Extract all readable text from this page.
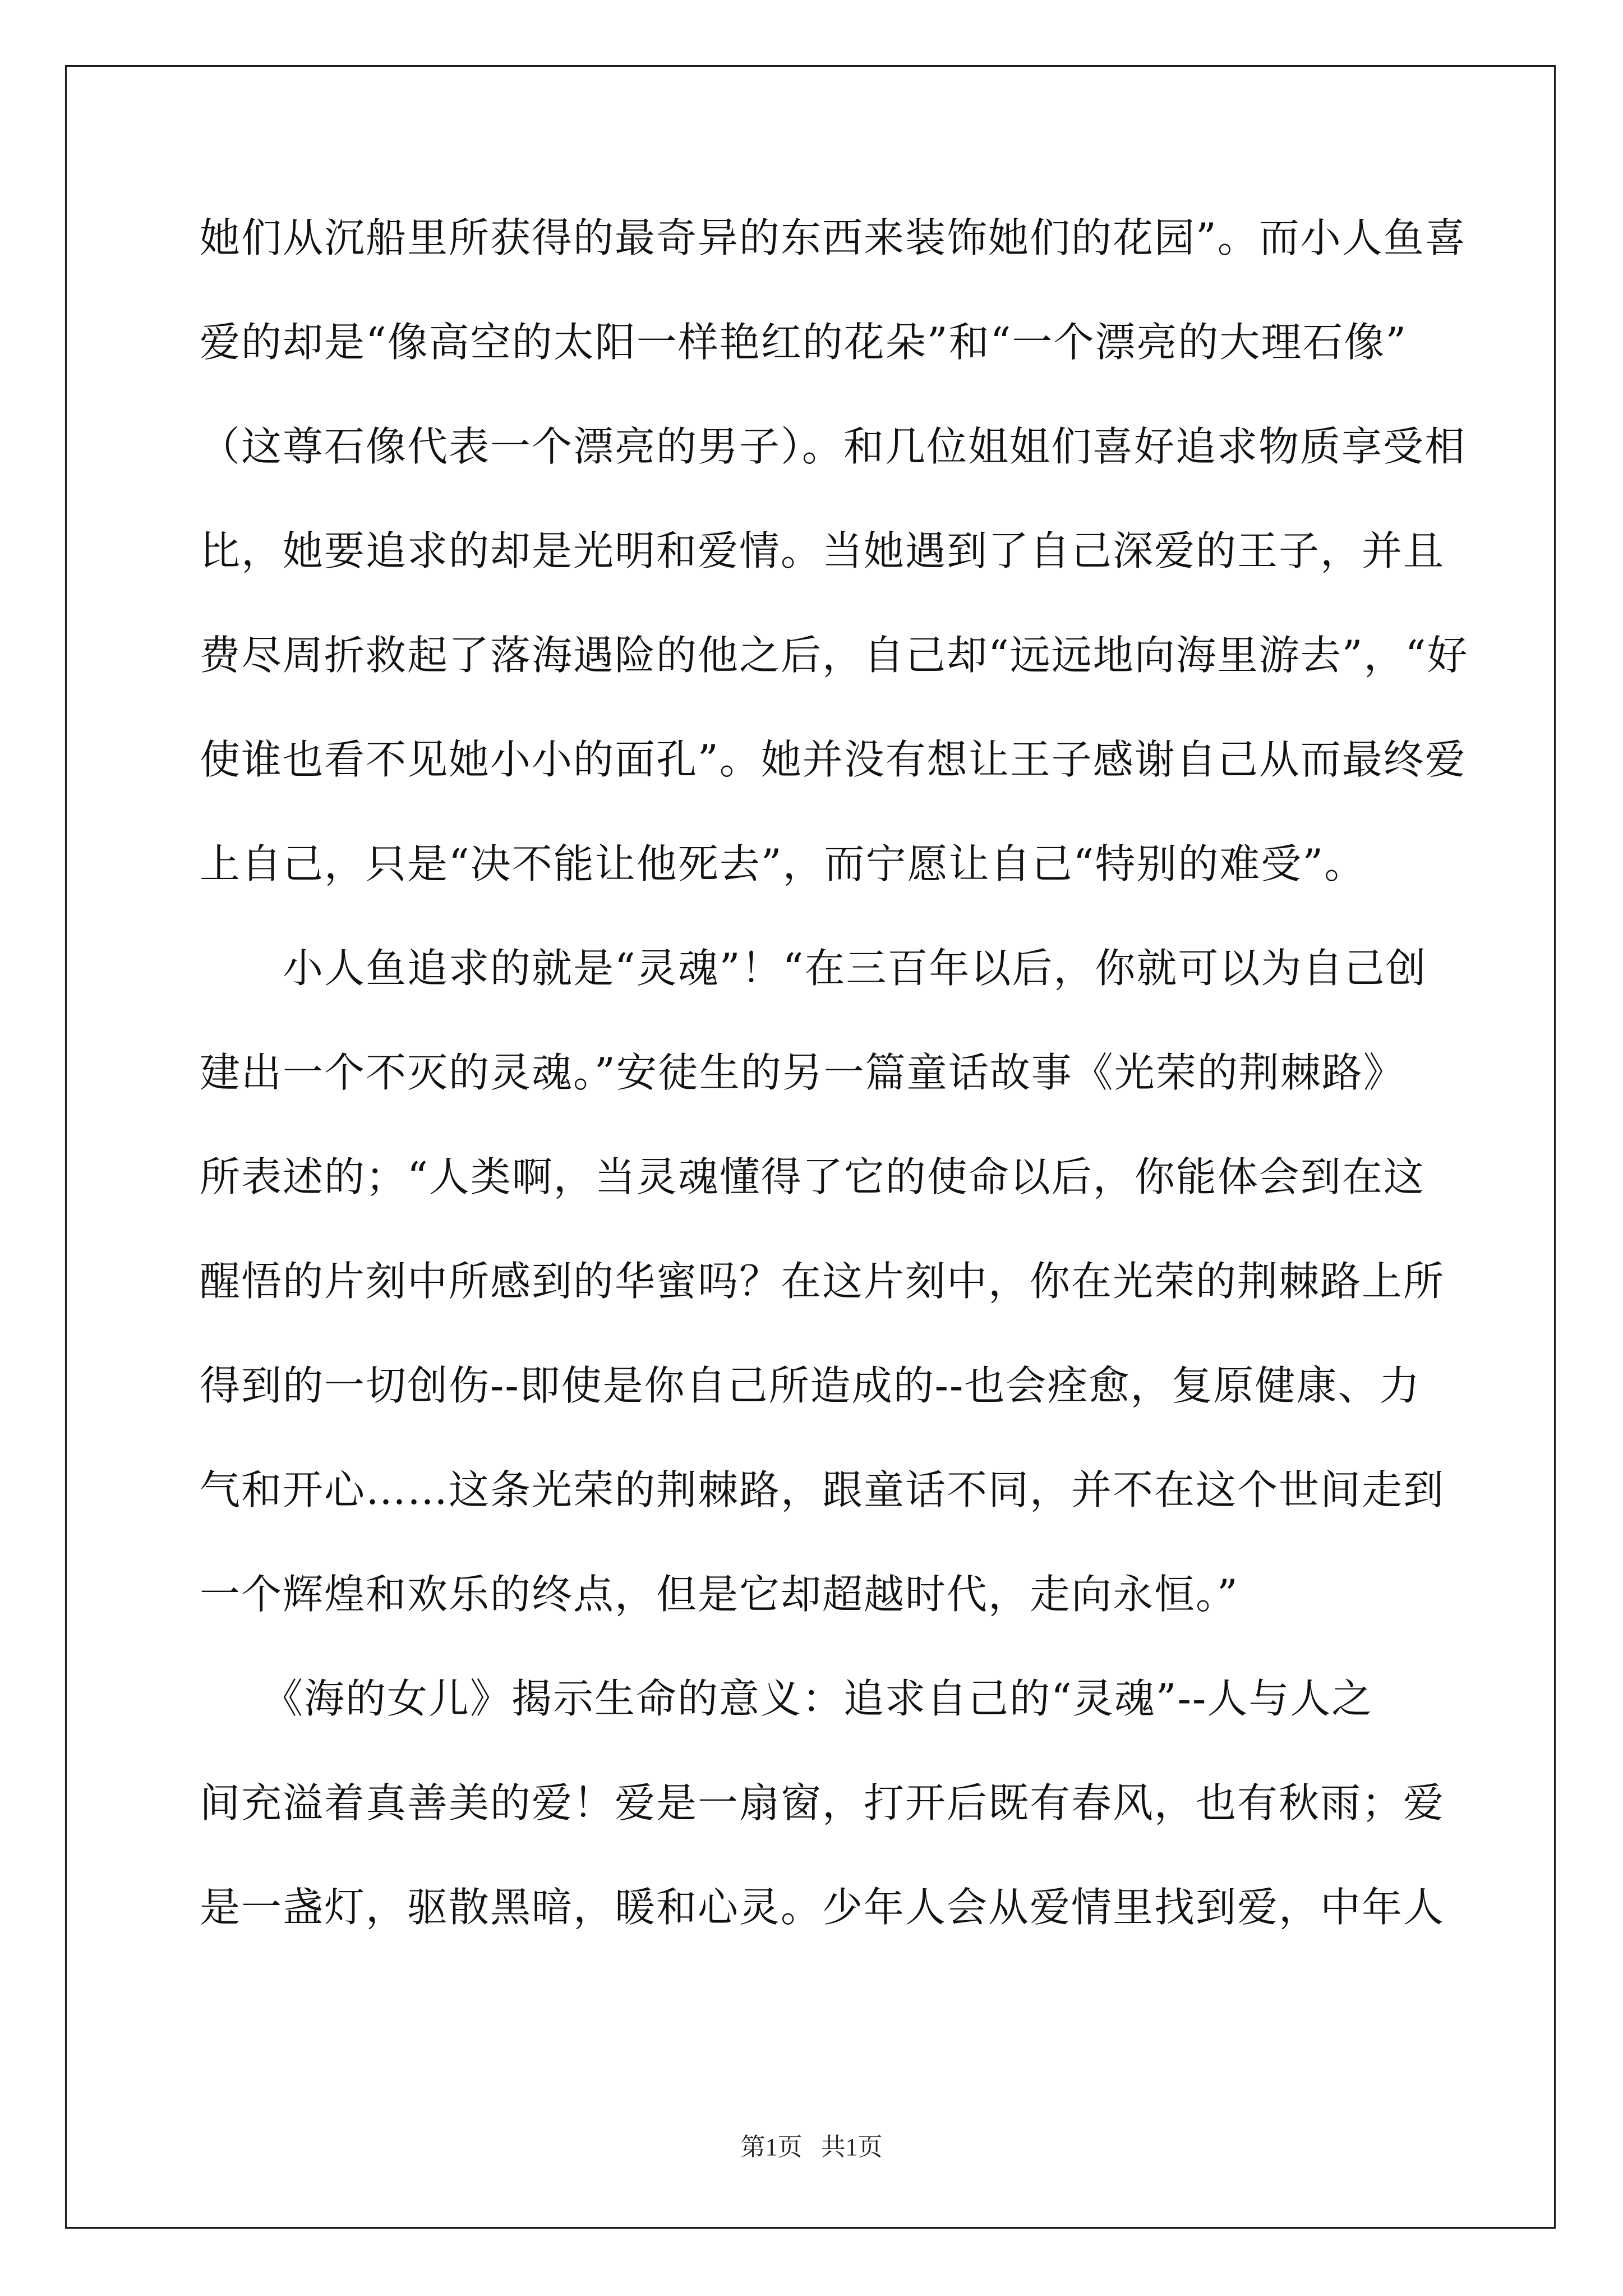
她们从沉船里所获得的最奇异的东西来装饰她们的花园”。而小人鱼喜
爱的却是“像高空的太阳一样艳红的花朵”和“一个漂亮的大理石像”
（这尊石像代表一个漂亮的男子）。和几位姐姐们喜好追求物质享受相
比，她要追求的却是光明和爱情。当她遇到了自己深爱的王子，并且
费尽周折救起了落海遇险的他之后，自己却“远远地向海里游去”，“好
使谁也看不见她小小的面孔”。她并没有想让王子感谢自己从而最终爱
上自己，只是“决不能让他死去”，而宁愿让自己“特别的难受”。
　　小人鱼追求的就是“灵魂”！“在三百年以后，你就可以为自己创
建出一个不灭的灵魂。”安徒生的另一篇童话故事《光荣的荆棘路》
所表述的；“人类啊，当灵魂懂得了它的使命以后，你能体会到在这
醒悟的片刻中所感到的华蜜吗？在这片刻中，你在光荣的荆棘路上所
得到的一切创伤--即使是你自己所造成的--也会痊愈，复原健康、力
气和开心……这条光荣的荆棘路，跟童话不同，并不在这个世间走到
一个辉煌和欢乐的终点，但是它却超越时代，走向永恒。”
　　《海的女儿》揭示生命的意义：追求自己的“灵魂”--人与人之
间充溢着真善美的爱！爱是一扇窗，打开后既有春风，也有秋雨；爱
是一盏灯，驱散黑暗，暖和心灵。少年人会从爱情里找到爱，中年人
第1页   共1页
